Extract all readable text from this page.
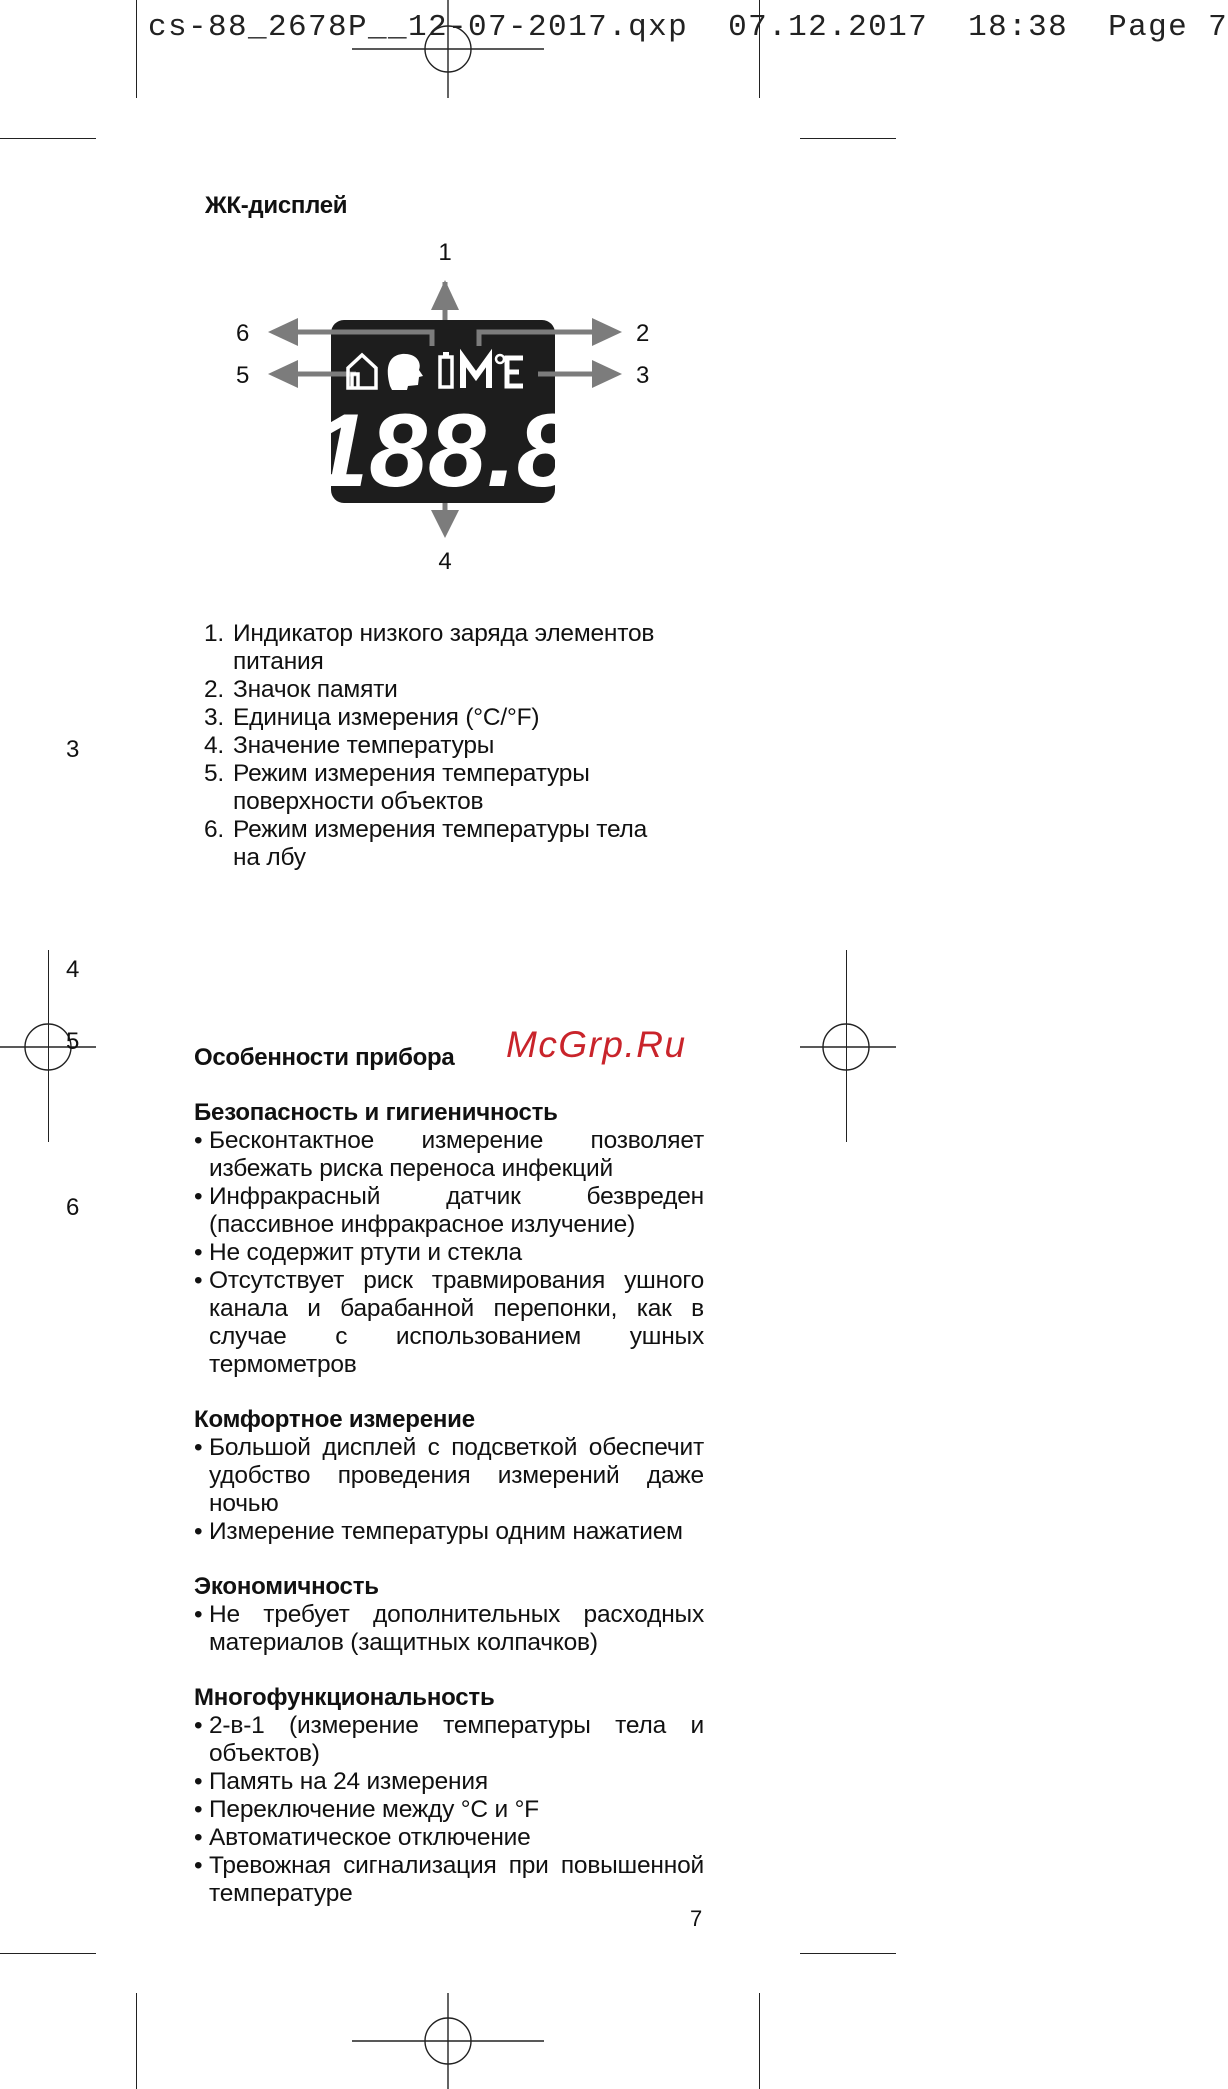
cs-88_2678P__12-07-2017.qxp  07.12.2017  18:38  Page 7
ЖК-дисплей
188.8
1
2
3
4
5
6
1. Индикатор низкого заряда элементов
питания
2. Значок памяти
3. Единица измерения (°C/°F)
4. Значение температуры
5. Режим измерения температуры
поверхности объектов
6. Режим измерения температуры тела
на лбу
3
4
5
6
McGrp.Ru
Особенности прибора
Безопасность и гигиеничность
• Бесконтактное измерение позволяет избежать риска переноса инфекций
• Инфракрасный датчик безвреден (пассивное инфракрасное излучение)
• Не содержит ртути и стекла
• Отсутствует риск травмирования ушного канала и барабанной перепонки, как в случае с использованием ушных термометров
Комфортное измерение
• Большой дисплей с подсветкой обеспечит удобство проведения измерений даже ночью
• Измерение температуры одним нажатием
Экономичность
• Не требует дополнительных расходных материалов (защитных колпачков)
Многофункциональность
• 2-в-1 (измерение температуры тела и объектов)
• Память на 24 измерения
• Переключение между °C и °F
• Автоматическое отключение
• Тревожная сигнализация при повышенной температуре
7
